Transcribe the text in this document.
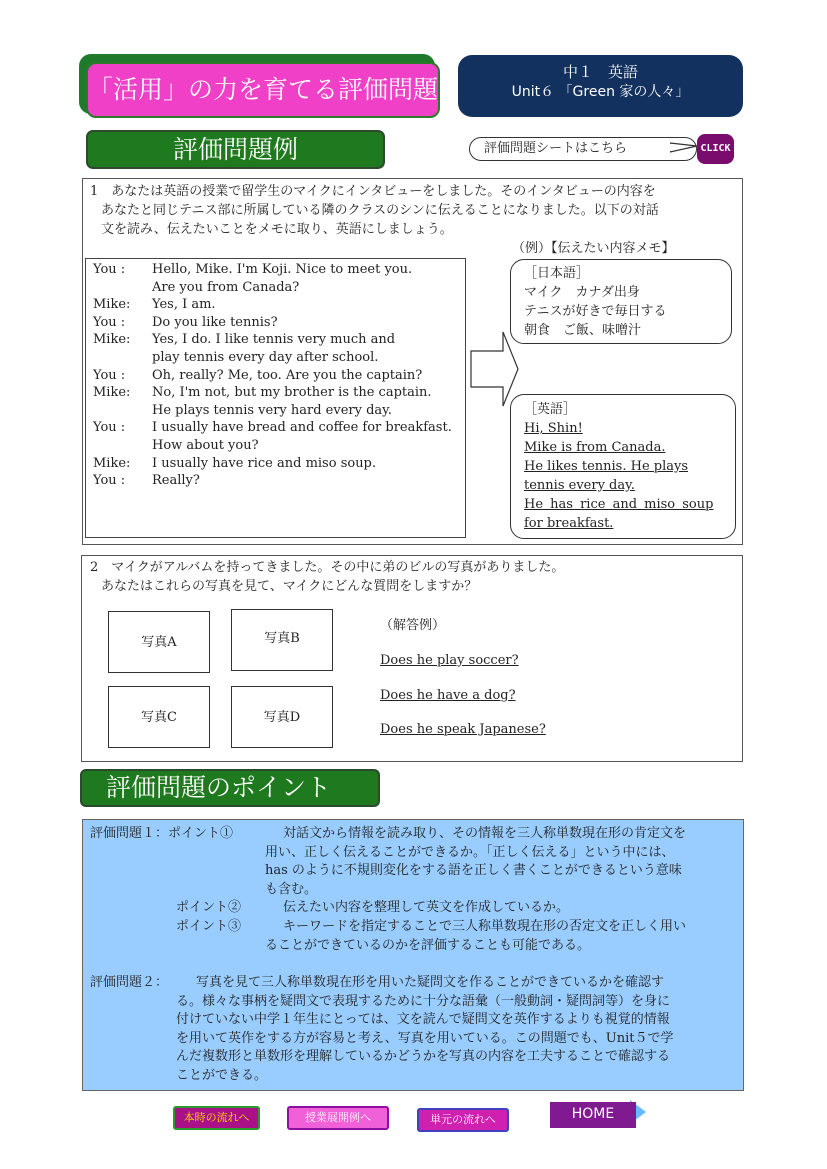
「活用」の力を育てる評価問題
中１　英語
Unit６ 「Green 家の人々」
評価問題例	評価問題シートはこちら	CLICK
1　あなたは英語の授業で留学生のマイクにインタビューをしました。そのインタビューの内容を
あなたと同じテニス部に所属している隣のクラスのシンに伝えることになりました。以下の対話
文を読み、伝えたいことをメモに取り、英語にしましょう。
（例）【伝えたい内容メモ】
You :	Hello, Mike. I'm Koji. Nice to meet you.
Are you from Canada?
Mike:	Yes, I am.
You :	Do you like tennis?
Mike:	Yes, I do. I like tennis very much and
play tennis every day after school.
You :	Oh, really? Me, too. Are you the captain?
Mike:	No, I'm not, but my brother is the captain.
He plays tennis very hard every day.
You :	I usually have bread and coffee for breakfast.
How about you?
Mike:	I usually have rice and miso soup.
You :	Really?
［日本語］
マイク　カナダ出身
テニスが好きで毎日する
朝食　ご飯、味噌汁
［英語］
Hi, Shin!
Mike is from Canada.
He likes tennis. He plays
tennis every day.
He has rice and miso soup
for breakfast.
2　マイクがアルバムを持ってきました。その中に弟のビルの写真がありました。
あなたはこれらの写真を見て、マイクにどんな質問をしますか？
写真A	写真B
写真C	写真D
（解答例）
Does he play soccer?
Does he have a dog?
Does he speak Japanese?
評価問題のポイント
評価問題１：ポイント①	対話文から情報を読み取り、その情報を三人称単数現在形の肯定文を
用い、正しく伝えることができるか。「正しく伝える」という中には、
has のように不規則変化をする語を正しく書くことができるという意味
も含む。
ポイント②	伝えたい内容を整理して英文を作成しているか。
ポイント③	キーワードを指定することで三人称単数現在形の否定文を正しく用い
ることができているのかを評価することも可能である。
評価問題２：	写真を見て三人称単数現在形を用いた疑問文を作ることができているかを確認す
る。様々な事柄を疑問文で表現するために十分な語彙（一般動詞・疑問詞等）を身に
付けていない中学１年生にとっては、文を読んで疑問文を英作するよりも視覚的情報
を用いて英作をする方が容易と考え、写真を用いている。この問題でも、Unit５で学
んだ複数形と単数形を理解しているかどうかを写真の内容を工夫することで確認する
ことができる。
本時の流れへ	授業展開例へ	単元の流れへ	HOME
